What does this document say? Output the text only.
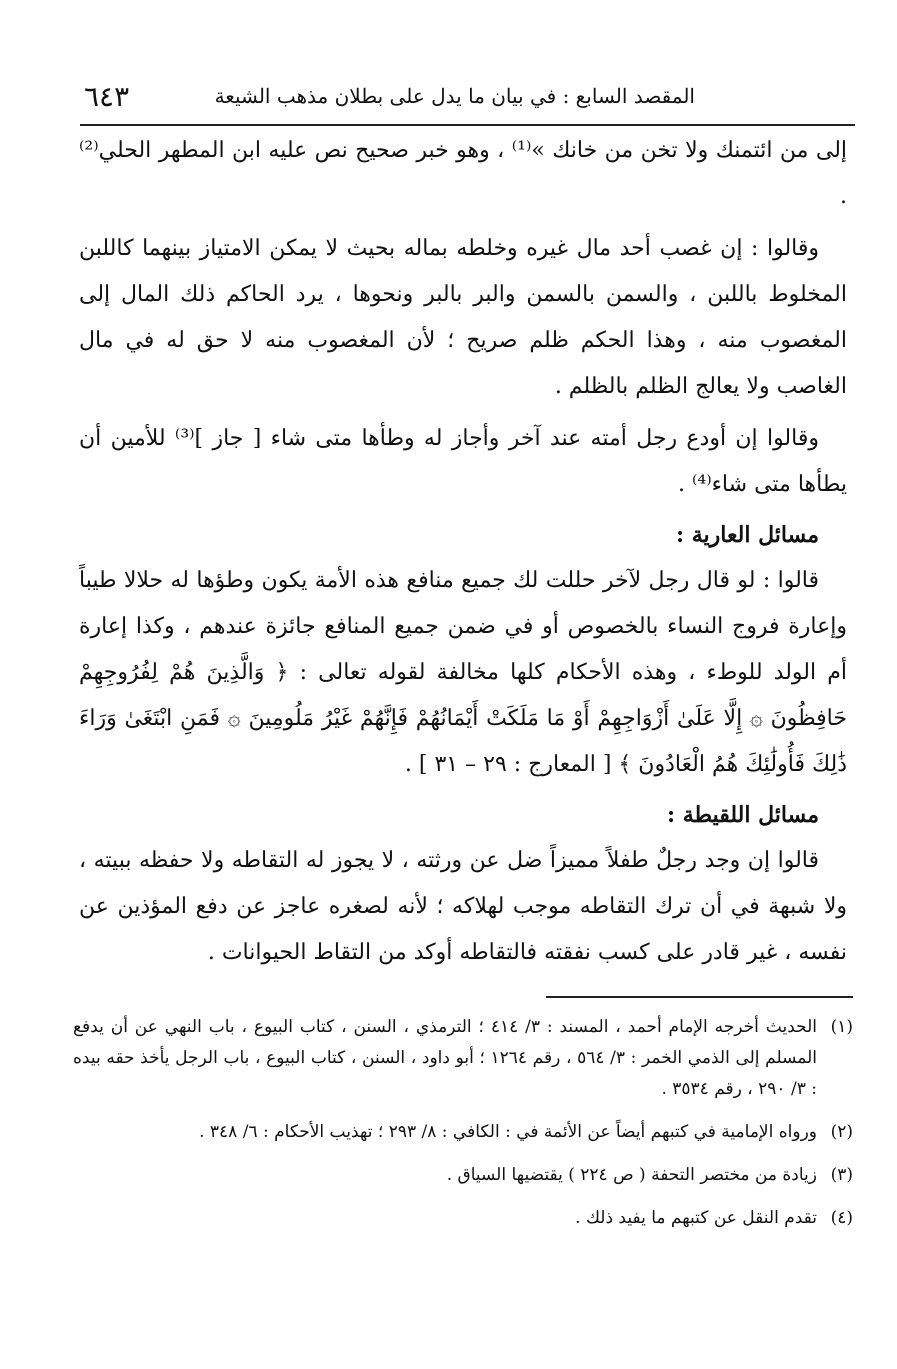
المقصد السابع : في بيان ما يدل على بطلان مذهب الشيعة
٦٤٣

إلى من ائتمنك ولا تخن من خانك »⁽¹⁾ ، وهو خبر صحيح نص عليه ابن المطهر الحلي⁽²⁾ .

وقالوا : إن غصب أحد مال غيره وخلطه بماله بحيث لا يمكن الامتياز بينهما كاللبن المخلوط باللبن ، والسمن بالسمن والبر بالبر ونحوها ، يرد الحاكم ذلك المال إلى المغصوب منه ، وهذا الحكم ظلم صريح ؛ لأن المغصوب منه لا حق له في مال الغاصب ولا يعالج الظلم بالظلم .

وقالوا إن أودع رجل أمته عند آخر وأجاز له وطأها متى شاء [ جاز ]⁽³⁾ للأمين أن يطأها متى شاء⁽⁴⁾ .

مسائل العارية :

قالوا : لو قال رجل لآخر حللت لك جميع منافع هذه الأمة يكون وطؤها له حلالا طيباً وإعارة فروج النساء بالخصوص أو في ضمن جميع المنافع جائزة عندهم ، وكذا إعارة أم الولد للوطء ، وهذه الأحكام كلها مخالفة لقوله تعالى : ﴿ وَالَّذِينَ هُمْ لِفُرُوجِهِمْ حَافِظُونَ ۞ إِلَّا عَلَىٰ أَزْوَاجِهِمْ أَوْ مَا مَلَكَتْ أَيْمَانُهُمْ فَإِنَّهُمْ غَيْرُ مَلُومِينَ ۞ فَمَنِ ابْتَغَىٰ وَرَاءَ ذَٰلِكَ فَأُولَٰئِكَ هُمُ الْعَادُونَ ﴾ [ المعارج : ٢٩ – ٣١ ] .

مسائل اللقيطة :

قالوا إن وجد رجلٌ طفلاً مميزاً ضل عن ورثته ، لا يجوز له التقاطه ولا حفظه ببيته ، ولا شبهة في أن ترك التقاطه موجب لهلاكه ؛ لأنه لصغره عاجز عن دفع المؤذين عن نفسه ، غير قادر على كسب نفقته فالتقاطه أوكد من التقاط الحيوانات .

(١)
الحديث أخرجه الإمام أحمد ، المسند : ٣/ ٤١٤ ؛ الترمذي ، السنن ، كتاب البيوع ، باب النهي عن أن يدفع المسلم إلى الذمي الخمر : ٣/ ٥٦٤ ، رقم ١٢٦٤ ؛ أبو داود ، السنن ، كتاب البيوع ، باب الرجل يأخذ حقه بيده : ٣/ ٢٩٠ ، رقم ٣٥٣٤ .
(٢)
ورواه الإمامية في كتبهم أيضاً عن الأئمة في : الكافي : ٨/ ٢٩٣ ؛ تهذيب الأحكام : ٦/ ٣٤٨ .
(٣)
زيادة من مختصر التحفة ( ص ٢٢٤ ) يقتضيها السياق .
(٤)
تقدم النقل عن كتبهم ما يفيد ذلك .
